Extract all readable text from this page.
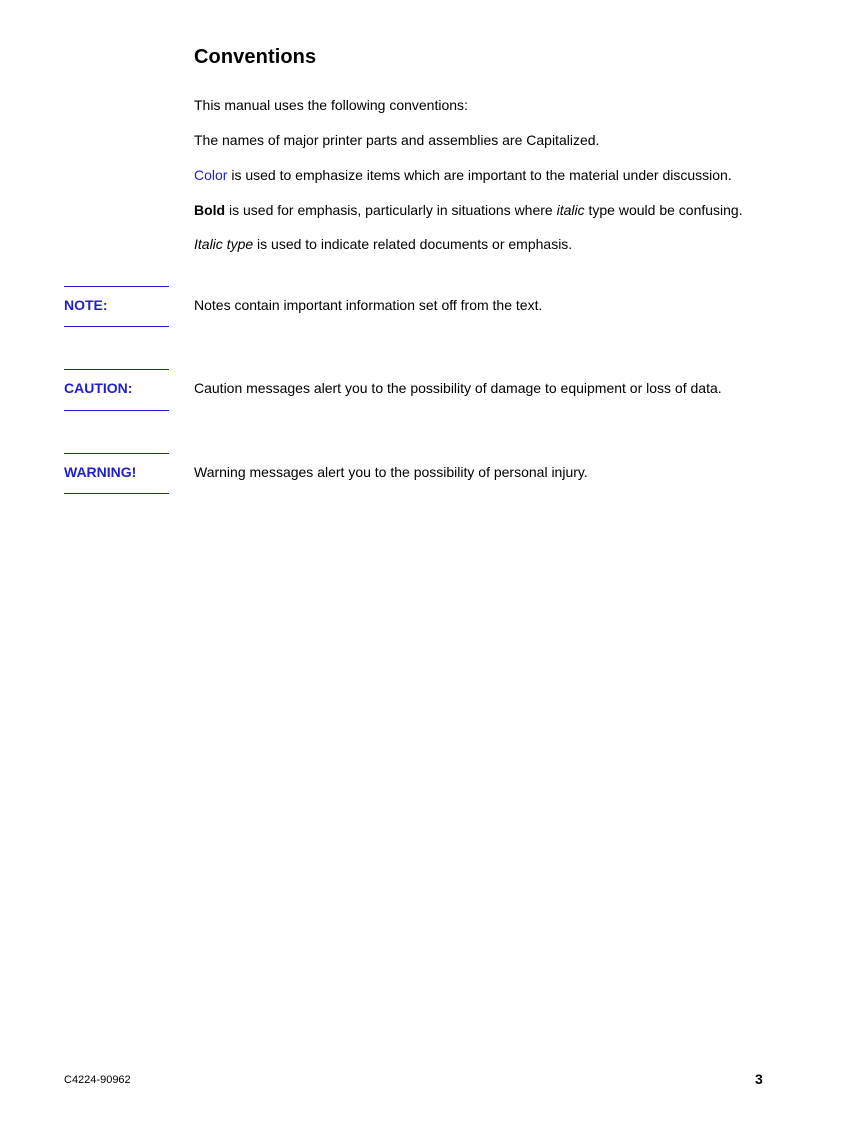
Conventions

This manual uses the following conventions:

The names of major printer parts and assemblies are Capitalized.

Color is used to emphasize items which are important to the material under discussion.

Bold is used for emphasis, particularly in situations where italic type would be confusing.

Italic type is used to indicate related documents or emphasis.

NOTE:	Notes contain important information set off from the text.

CAUTION:	Caution messages alert you to the possibility of damage to equipment or loss of data.

WARNING!	Warning messages alert you to the possibility of personal injury.

C4224-90962	3
